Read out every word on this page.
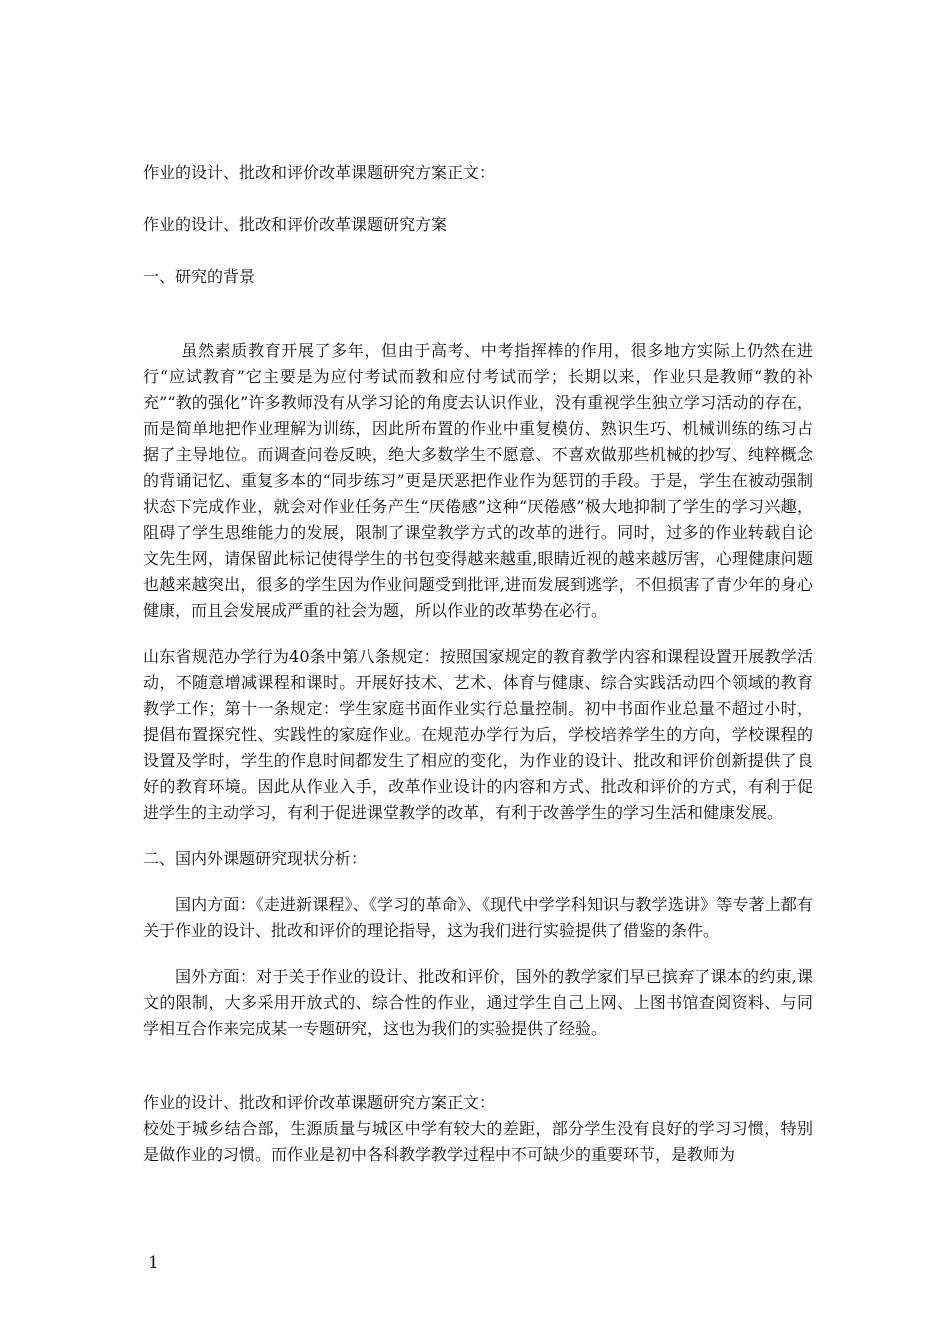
作业的设计、批改和评价改革课题研究方案正文：

作业的设计、批改和评价改革课题研究方案

一、研究的背景

虽然素质教育开展了多年，但由于高考、中考指挥棒的作用，很多地方实际上仍然在进行“应试教育”它主要是为应付考试而教和应付考试而学；长期以来，作业只是教师“教的补充”“教的强化”许多教师没有从学习论的角度去认识作业，没有重视学生独立学习活动的存在，而是简单地把作业理解为训练，因此所布置的作业中重复模仿、熟识生巧、机械训练的练习占据了主导地位。而调查问卷反映，绝大多数学生不愿意、不喜欢做那些机械的抄写、纯粹概念的背诵记忆、重复多本的“同步练习”更是厌恶把作业作为惩罚的手段。于是，学生在被动强制状态下完成作业，就会对作业任务产生“厌倦感”这种“厌倦感”极大地抑制了学生的学习兴趣，阻碍了学生思维能力的发展，限制了课堂教学方式的改革的进行。同时，过多的作业转载自论文先生网，请保留此标记使得学生的书包变得越来越重,眼睛近视的越来越厉害，心理健康问题也越来越突出，很多的学生因为作业问题受到批评,进而发展到逃学，不但损害了青少年的身心健康，而且会发展成严重的社会为题，所以作业的改革势在必行。

山东省规范办学行为40条中第八条规定：按照国家规定的教育教学内容和课程设置开展教学活动，不随意增减课程和课时。开展好技术、艺术、体育与健康、综合实践活动四个领域的教育教学工作；第十一条规定：学生家庭书面作业实行总量控制。初中书面作业总量不超过小时，提倡布置探究性、实践性的家庭作业。在规范办学行为后，学校培养学生的方向，学校课程的设置及学时，学生的作息时间都发生了相应的变化，为作业的设计、批改和评价创新提供了良好的教育环境。因此从作业入手，改革作业设计的内容和方式、批改和评价的方式，有利于促进学生的主动学习，有利于促进课堂教学的改革，有利于改善学生的学习生活和健康发展。

二、国内外课题研究现状分析：

国内方面：《走进新课程》、《学习的革命》、《现代中学学科知识与教学选讲》等专著上都有关于作业的设计、批改和评价的理论指导，这为我们进行实验提供了借鉴的条件。

国外方面：对于关于作业的设计、批改和评价，国外的教学家们早已摈弃了课本的约束,课文的限制，大多采用开放式的、综合性的作业，通过学生自己上网、上图书馆查阅资料、与同学相互合作来完成某一专题研究，这也为我们的实验提供了经验。

作业的设计、批改和评价改革课题研究方案正文：

校处于城乡结合部，生源质量与城区中学有较大的差距，部分学生没有良好的学习习惯，特别是做作业的习惯。而作业是初中各科教学教学过程中不可缺少的重要环节，是教师为

1
